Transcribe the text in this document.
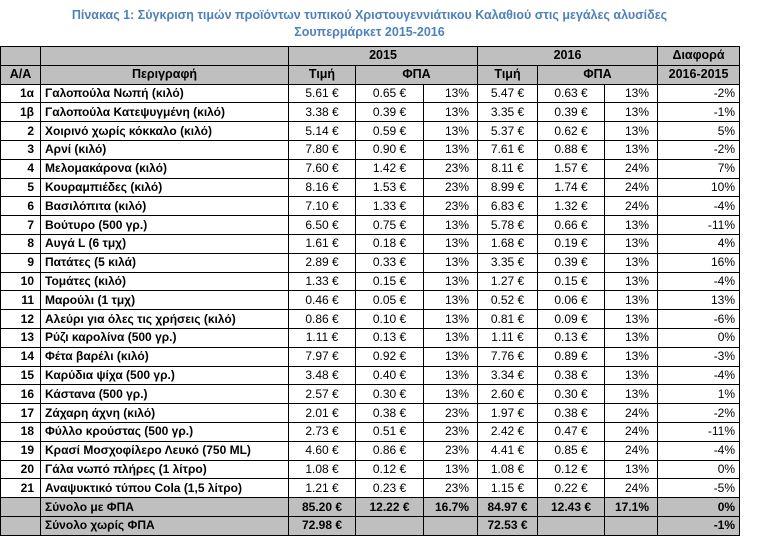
Πίνακας 1: Σύγκριση τιμών προϊόντων τυπικού Χριστουγεννιάτικου Καλαθιού στις μεγάλες αλυσίδες
Σουπερμάρκετ 2015-2016
		2015			2016			Διαφορά
Α/Α	Περιγραφή	Τιμή	ΦΠΑ		Τιμή	ΦΠΑ		2016-2015
1α	Γαλοπούλα Νωπή (κιλό)	5.61 €	0.65 €	13%	5.47 €	0.63 €	13%	-2%
1β	Γαλοπούλα Κατεψυγμένη (κιλό)	3.38 €	0.39 €	13%	3.35 €	0.39 €	13%	-1%
2	Χοιρινό χωρίς κόκκαλο (κιλό)	5.14 €	0.59 €	13%	5.37 €	0.62 €	13%	5%
3	Αρνί (κιλό)	7.80 €	0.90 €	13%	7.61 €	0.88 €	13%	-2%
4	Μελομακάρονα (κιλό)	7.60 €	1.42 €	23%	8.11 €	1.57 €	24%	7%
5	Κουραμπιέδες (κιλό)	8.16 €	1.53 €	23%	8.99 €	1.74 €	24%	10%
6	Βασιλόπιτα (κιλό)	7.10 €	1.33 €	23%	6.83 €	1.32 €	24%	-4%
7	Βούτυρο (500 γρ.)	6.50 €	0.75 €	13%	5.78 €	0.66 €	13%	-11%
8	Αυγά L (6 τμχ)	1.61 €	0.18 €	13%	1.68 €	0.19 €	13%	4%
9	Πατάτες (5 κιλά)	2.89 €	0.33 €	13%	3.35 €	0.39 €	13%	16%
10	Τομάτες (κιλό)	1.33 €	0.15 €	13%	1.27 €	0.15 €	13%	-4%
11	Μαρούλι (1 τμχ)	0.46 €	0.05 €	13%	0.52 €	0.06 €	13%	13%
12	Αλεύρι για όλες τις χρήσεις (κιλό)	0.86 €	0.10 €	13%	0.81 €	0.09 €	13%	-6%
13	Ρύζι καρολίνα (500 γρ.)	1.11 €	0.13 €	13%	1.11 €	0.13 €	13%	0%
14	Φέτα βαρέλι (κιλό)	7.97 €	0.92 €	13%	7.76 €	0.89 €	13%	-3%
15	Καρύδια ψίχα (500 γρ.)	3.48 €	0.40 €	13%	3.34 €	0.38 €	13%	-4%
16	Κάστανα (500 γρ.)	2.57 €	0.30 €	13%	2.60 €	0.30 €	13%	1%
17	Ζάχαρη άχνη (κιλό)	2.01 €	0.38 €	23%	1.97 €	0.38 €	24%	-2%
18	Φύλλο κρούστας (500 γρ.)	2.73 €	0.51 €	23%	2.42 €	0.47 €	24%	-11%
19	Κρασί Μοσχοφίλερο Λευκό (750 ML)	4.60 €	0.86 €	23%	4.41 €	0.85 €	24%	-4%
20	Γάλα νωπό πλήρες (1 λίτρο)	1.08 €	0.12 €	13%	1.08 €	0.12 €	13%	0%
21	Αναψυκτικό τύπου Cola (1,5 λίτρο)	1.21 €	0.23 €	23%	1.15 €	0.22 €	24%	-5%
	Σύνολο με ΦΠΑ	85.20 €	12.22 €	16.7%	84.97 €	12.43 €	17.1%	0%
	Σύνολο χωρίς ΦΠΑ	72.98 €			72.53 €			-1%
